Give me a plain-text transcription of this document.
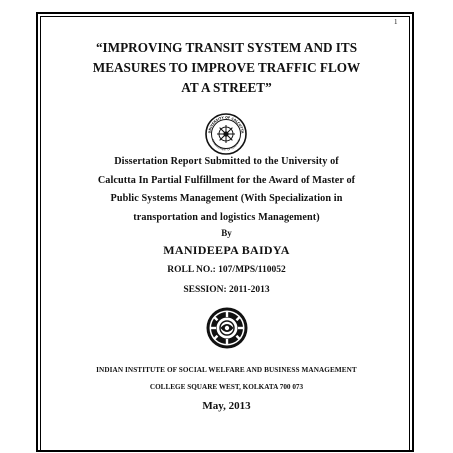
1
“IMPROVING TRANSIT SYSTEM AND ITS
MEASURES TO IMPROVE TRAFFIC FLOW
AT A STREET”
UNIVERSITY OF CALCUTTA
ADVANCEMENT OF LEARNING
Dissertation Report Submitted to the University of
Calcutta In Partial Fulfillment for the Award of Master of
Public Systems Management (With Specialization in
transportation and logistics Management)
By
MANIDEEPA BAIDYA
ROLL NO.: 107/MPS/110052
SESSION: 2011-2013
INDIAN INSTITUTE OF SOCIAL WELFARE AND BUSINESS MANAGEMENT
COLLEGE SQUARE WEST, KOLKATA 700 073
May, 2013
